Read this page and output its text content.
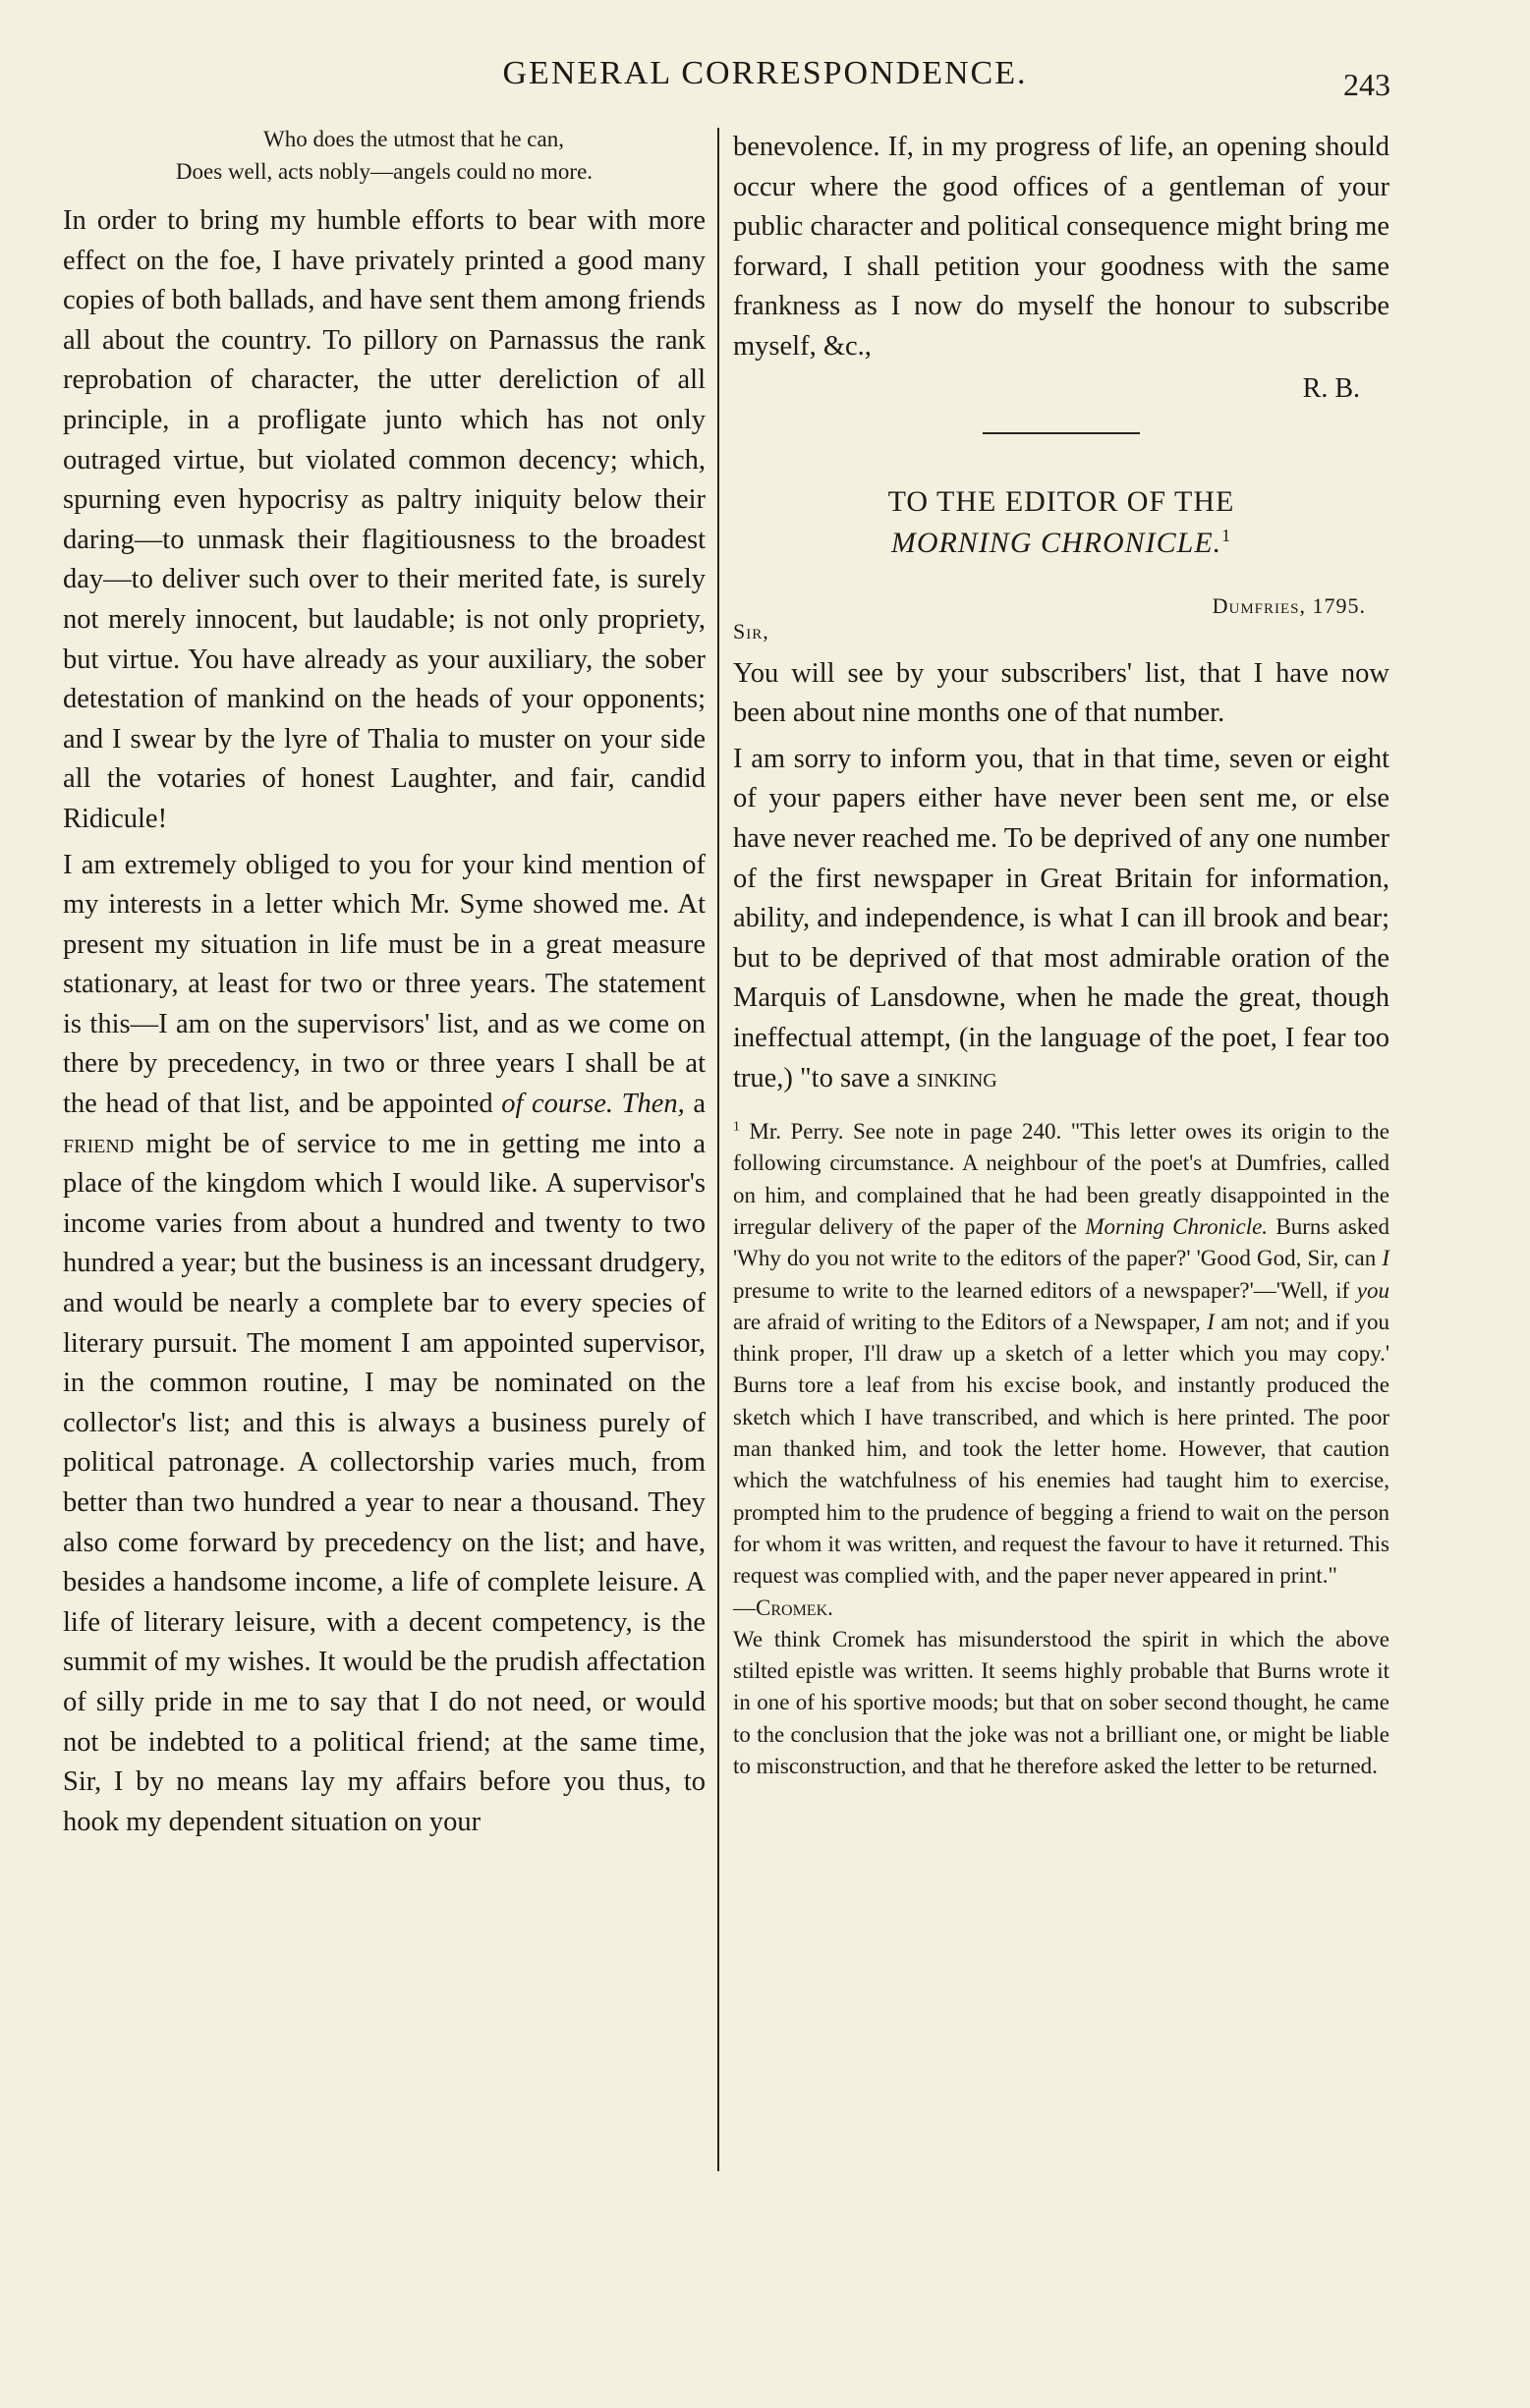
GENERAL CORRESPONDENCE.	243
Who does the utmost that he can,
Does well, acts nobly—angels could no more.

In order to bring my humble efforts to bear with more effect on the foe, I have privately printed a good many copies of both ballads, and have sent them among friends all about the country. To pillory on Parnassus the rank reprobation of character, the utter dereliction of all principle, in a profligate junto which has not only outraged virtue, but violated common decency; which, spurning even hypocrisy as paltry iniquity below their daring—to unmask their flagitiousness to the broadest day—to deliver such over to their merited fate, is surely not merely innocent, but laudable; is not only propriety, but virtue. You have already as your auxiliary, the sober detestation of mankind on the heads of your opponents; and I swear by the lyre of Thalia to muster on your side all the votaries of honest Laughter, and fair, candid Ridicule!

I am extremely obliged to you for your kind mention of my interests in a letter which Mr. Syme showed me. At present my situation in life must be in a great measure stationary, at least for two or three years. The statement is this—I am on the supervisors' list, and as we come on there by precedency, in two or three years I shall be at the head of that list, and be appointed of course. Then, a friend might be of service to me in getting me into a place of the kingdom which I would like. A supervisor's income varies from about a hundred and twenty to two hundred a year; but the business is an incessant drudgery, and would be nearly a complete bar to every species of literary pursuit. The moment I am appointed supervisor, in the common routine, I may be nominated on the collector's list; and this is always a business purely of political patronage. A collectorship varies much, from better than two hundred a year to near a thousand. They also come forward by precedency on the list; and have, besides a handsome income, a life of complete leisure. A life of literary leisure, with a decent competency, is the summit of my wishes. It would be the prudish affectation of silly pride in me to say that I do not need, or would not be indebted to a political friend; at the same time, Sir, I by no means lay my affairs before you thus, to hook my dependent situation on your

benevolence. If, in my progress of life, an opening should occur where the good offices of a gentleman of your public character and political consequence might bring me forward, I shall petition your goodness with the same frankness as I now do myself the honour to subscribe myself, &c.,

R. B.
TO THE EDITOR OF THE
MORNING CHRONICLE.$^1$
Dumfries, 1795.
Sir,

You will see by your subscribers' list, that I have now been about nine months one of that number.

I am sorry to inform you, that in that time, seven or eight of your papers either have never been sent me, or else have never reached me. To be deprived of any one number of the first newspaper in Great Britain for information, ability, and independence, is what I can ill brook and bear; but to be deprived of that most admirable oration of the Marquis of Lansdowne, when he made the great, though ineffectual attempt, (in the language of the poet, I fear too true,) "to save a sinking

$^1$ Mr. Perry. See note in page 240. "This letter owes its origin to the following circumstance. A neighbour of the poet's at Dumfries, called on him, and complained that he had been greatly disappointed in the irregular delivery of the paper of the Morning Chronicle. Burns asked 'Why do you not write to the editors of the paper?' 'Good God, Sir, can I presume to write to the learned editors of a newspaper?'—'Well, if you are afraid of writing to the Editors of a Newspaper, I am not; and if you think proper, I'll draw up a sketch of a letter which you may copy.' Burns tore a leaf from his excise book, and instantly produced the sketch which I have transcribed, and which is here printed. The poor man thanked him, and took the letter home. However, that caution which the watchfulness of his enemies had taught him to exercise, prompted him to the prudence of begging a friend to wait on the person for whom it was written, and request the favour to have it returned. This request was complied with, and the paper never appeared in print."

—Cromek.

We think Cromek has misunderstood the spirit in which the above stilted epistle was written. It seems highly probable that Burns wrote it in one of his sportive moods; but that on sober second thought, he came to the conclusion that the joke was not a brilliant one, or might be liable to misconstruction, and that he therefore asked the letter to be returned.
